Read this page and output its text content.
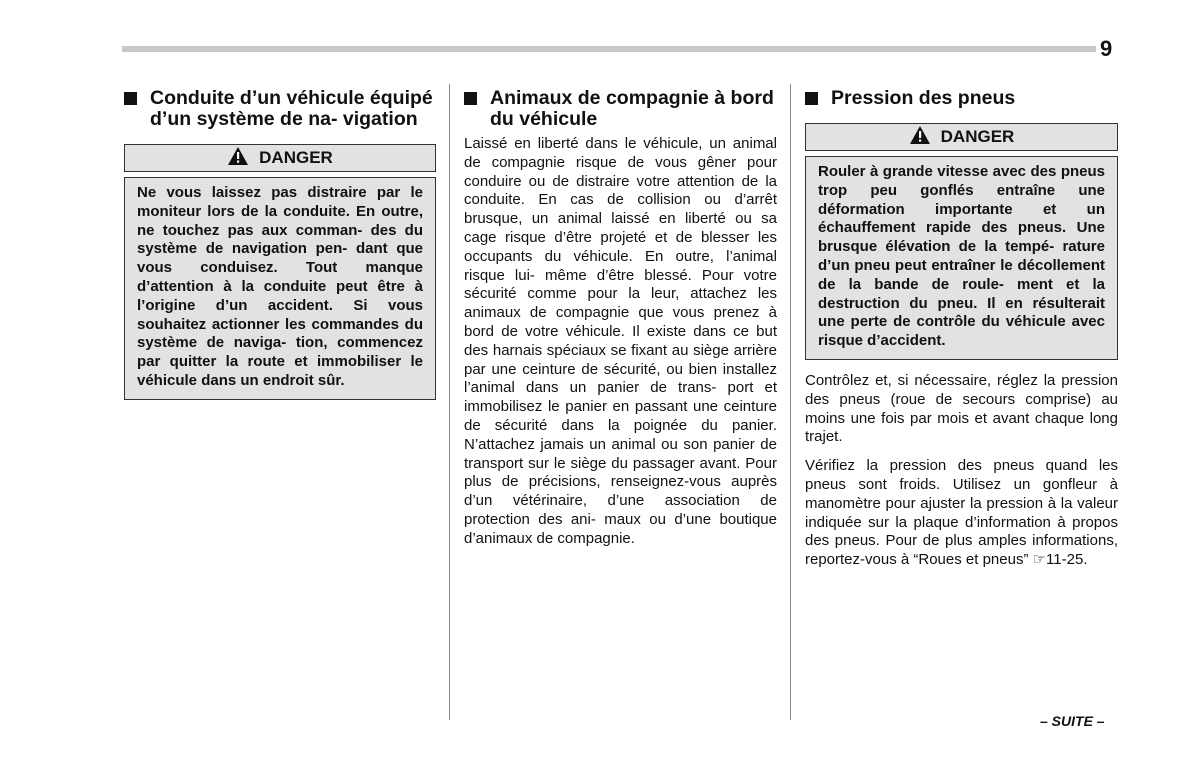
9
Conduite d’un véhicule équipé d’un système de na- vigation
DANGER
Ne vous laissez pas distraire par le moniteur lors de la conduite. En outre, ne touchez pas aux comman- des du système de navigation pen- dant que vous conduisez. Tout manque d’attention à la conduite peut être à l’origine d’un accident. Si vous souhaitez actionner les commandes du système de naviga- tion, commencez par quitter la route et immobiliser le véhicule dans un endroit sûr.
Animaux de compagnie à bord du véhicule

Laissé en liberté dans le véhicule, un animal de compagnie risque de vous gêner pour conduire ou de distraire votre attention de la conduite. En cas de collision ou d’arrêt brusque, un animal laissé en liberté ou sa cage risque d’être projeté et de blesser les occupants du véhicule. En outre, l’animal risque lui- même d’être blessé. Pour votre sécurité comme pour la leur, attachez les animaux de compagnie que vous prenez à bord de votre véhicule. Il existe dans ce but des harnais spéciaux se fixant au siège arrière par une ceinture de sécurité, ou bien installez l’animal dans un panier de trans- port et immobilisez le panier en passant une ceinture de sécurité dans la poignée du panier. N’attachez jamais un animal ou son panier de transport sur le siège du passager avant. Pour plus de précisions, renseignez-vous auprès d’un vétérinaire, d’une association de protection des ani- maux ou d’une boutique d’animaux de compagnie.

Pression des pneus
DANGER
Rouler à grande vitesse avec des pneus trop peu gonflés entraîne une déformation importante et un échauffement rapide des pneus. Une brusque élévation de la tempé- rature d’un pneu peut entraîner le décollement de la bande de roule- ment et la destruction du pneu. Il en résulterait une perte de contrôle du véhicule avec risque d’accident.

Contrôlez et, si nécessaire, réglez la pression des pneus (roue de secours comprise) au moins une fois par mois et avant chaque long trajet.

Vérifiez la pression des pneus quand les pneus sont froids. Utilisez un gonfleur à manomètre pour ajuster la pression à la valeur indiquée sur la plaque d’information à propos des pneus. Pour de plus amples informations, reportez-vous à “Roues et pneus” ☞11-25.

– SUITE –
